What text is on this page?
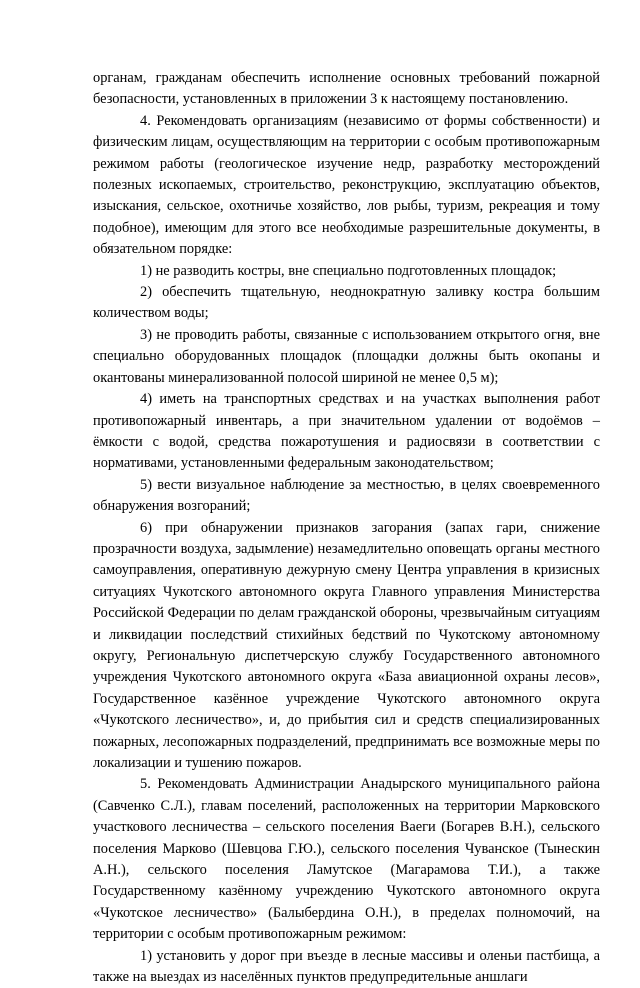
органам, гражданам обеспечить исполнение основных требований пожарной безопасности, установленных в приложении 3 к настоящему постановлению.

4. Рекомендовать организациям (независимо от формы собственности) и физическим лицам, осуществляющим на территории с особым противопожарным режимом работы (геологическое изучение недр, разработку месторождений полезных ископаемых, строительство, реконструкцию, эксплуатацию объектов, изыскания, сельское, охотничье хозяйство, лов рыбы, туризм, рекреация и тому подобное), имеющим для этого все необходимые разрешительные документы, в обязательном порядке:

1) не разводить костры, вне специально подготовленных площадок;

2) обеспечить тщательную, неоднократную заливку костра большим количеством воды;

3) не проводить работы, связанные с использованием открытого огня, вне специально оборудованных площадок (площадки должны быть окопаны и окантованы минерализованной полосой шириной не менее 0,5 м);

4) иметь на транспортных средствах и на участках выполнения работ противопожарный инвентарь, а при значительном удалении от водоёмов – ёмкости с водой, средства пожаротушения и радиосвязи в соответствии с нормативами, установленными федеральным законодательством;

5) вести визуальное наблюдение за местностью, в целях своевременного обнаружения возгораний;

6) при обнаружении признаков загорания (запах гари, снижение прозрачности воздуха, задымление) незамедлительно оповещать органы местного самоуправления, оперативную дежурную смену Центра управления в кризисных ситуациях Чукотского автономного округа Главного управления Министерства Российской Федерации по делам гражданской обороны, чрезвычайным ситуациям и ликвидации последствий стихийных бедствий по Чукотскому автономному округу, Региональную диспетчерскую службу Государственного автономного учреждения Чукотского автономного округа «База авиационной охраны лесов», Государственное казённое учреждение Чукотского автономного округа «Чукотского лесничество», и, до прибытия сил и средств специализированных пожарных, лесопожарных подразделений, предпринимать все возможные меры по локализации и тушению пожаров.

5. Рекомендовать Администрации Анадырского муниципального района (Савченко С.Л.), главам поселений, расположенных на территории Марковского участкового лесничества – сельского поселения Ваеги (Богарев В.Н.), сельского поселения Марково (Шевцова Г.Ю.), сельского поселения Чуванское (Тынескин А.Н.), сельского поселения Ламутское (Магарамова Т.И.), а также Государственному казённому учреждению Чукотского автономного округа «Чукотское лесничество» (Балыбердина О.Н.), в пределах полномочий, на территории с особым противопожарным режимом:

1) установить у дорог при въезде в лесные массивы и оленьи пастбища, а также на выездах из населённых пунктов предупредительные аншлаги
